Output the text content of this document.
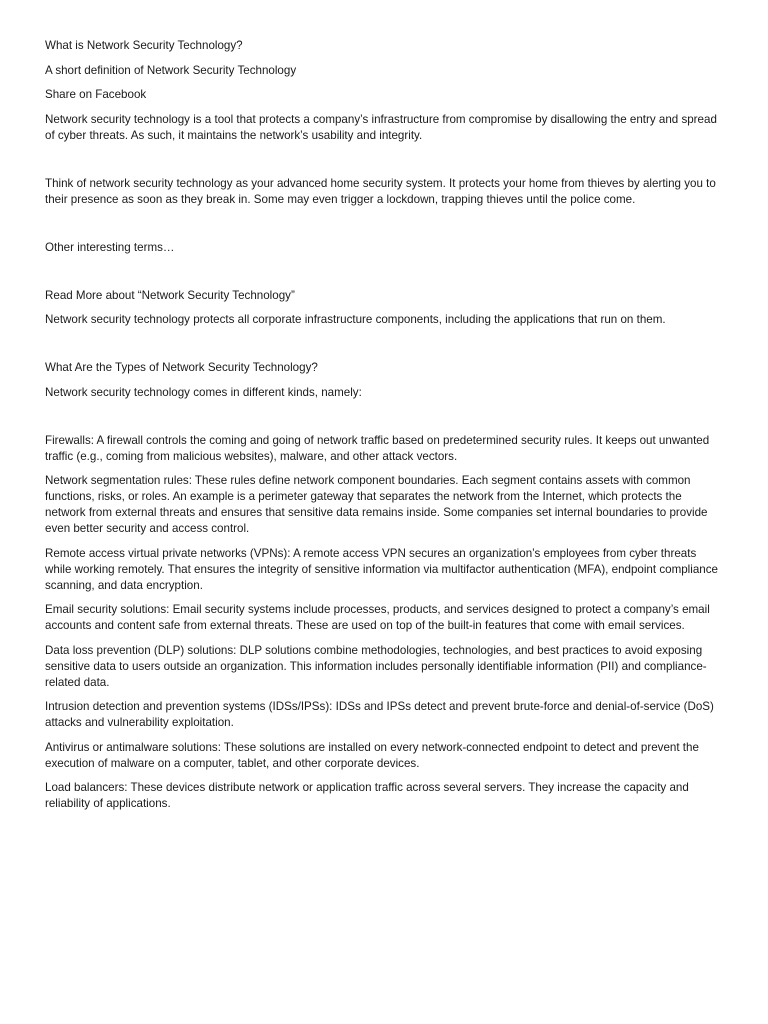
What is Network Security Technology?

A short definition of Network Security Technology

Share on Facebook

Network security technology is a tool that protects a company’s infrastructure from compromise by disallowing the entry and spread of cyber threats. As such, it maintains the network’s usability and integrity.

Think of network security technology as your advanced home security system. It protects your home from thieves by alerting you to their presence as soon as they break in. Some may even trigger a lockdown, trapping thieves until the police come.

Other interesting terms…

Read More about “Network Security Technology”

Network security technology protects all corporate infrastructure components, including the applications that run on them.

What Are the Types of Network Security Technology?

Network security technology comes in different kinds, namely:

Firewalls: A firewall controls the coming and going of network traffic based on predetermined security rules. It keeps out unwanted traffic (e.g., coming from malicious websites), malware, and other attack vectors.

Network segmentation rules: These rules define network component boundaries. Each segment contains assets with common functions, risks, or roles. An example is a perimeter gateway that separates the network from the Internet, which protects the network from external threats and ensures that sensitive data remains inside. Some companies set internal boundaries to provide even better security and access control.

Remote access virtual private networks (VPNs): A remote access VPN secures an organization’s employees from cyber threats while working remotely. That ensures the integrity of sensitive information via multifactor authentication (MFA), endpoint compliance scanning, and data encryption.

Email security solutions: Email security systems include processes, products, and services designed to protect a company’s email accounts and content safe from external threats. These are used on top of the built-in features that come with email services.

Data loss prevention (DLP) solutions: DLP solutions combine methodologies, technologies, and best practices to avoid exposing sensitive data to users outside an organization. This information includes personally identifiable information (PII) and compliance-related data.

Intrusion detection and prevention systems (IDSs/IPSs): IDSs and IPSs detect and prevent brute-force and denial-of-service (DoS) attacks and vulnerability exploitation.

Antivirus or antimalware solutions: These solutions are installed on every network-connected endpoint to detect and prevent the execution of malware on a computer, tablet, and other corporate devices.

Load balancers: These devices distribute network or application traffic across several servers. They increase the capacity and reliability of applications.
